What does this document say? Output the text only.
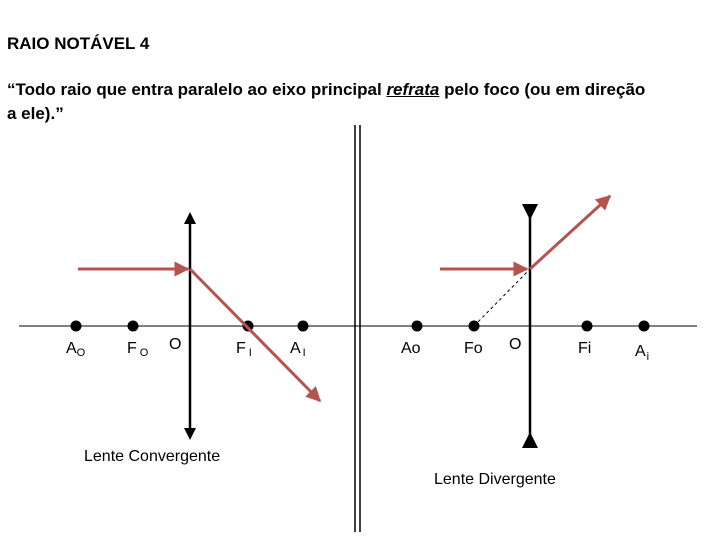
RAIO NOTÁVEL 4
“Todo raio que entra paralelo ao eixo principal refrata pelo foco (ou em direção a ele).”
AO	F O O	F I A I	Ao	Fo O	Fi	$A_i$
Lente Convergente
Lente Divergente
